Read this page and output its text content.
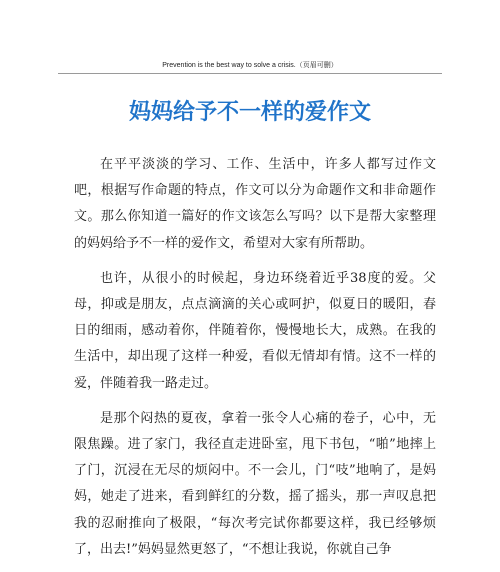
Prevention is the best way to solve a crisis.（页眉可删）
妈妈给予不一样的爱作文

在平平淡淡的学习、工作、生活中，许多人都写过作文吧，根据写作命题的特点，作文可以分为命题作文和非命题作文。那么你知道一篇好的作文该怎么写吗？以下是帮大家整理的妈妈给予不一样的爱作文，希望对大家有所帮助。

也许，从很小的时候起，身边环绕着近乎38度的爱。父母，抑或是朋友，点点滴滴的关心或呵护，似夏日的暖阳，春日的细雨，感动着你，伴随着你，慢慢地长大，成熟。在我的生活中，却出现了这样一种爱，看似无情却有情。这不一样的爱，伴随着我一路走过。

是那个闷热的夏夜，拿着一张令人心痛的卷子，心中，无限焦躁。进了家门，我径直走进卧室，甩下书包，“啪”地摔上了门，沉浸在无尽的烦闷中。不一会儿，门“吱”地响了，是妈妈，她走了进来，看到鲜红的分数，摇了摇头，那一声叹息把我的忍耐推向了极限，“每次考完试你都要这样，我已经够烦了，出去!”妈妈显然更怒了，“不想让我说，你就自己争
